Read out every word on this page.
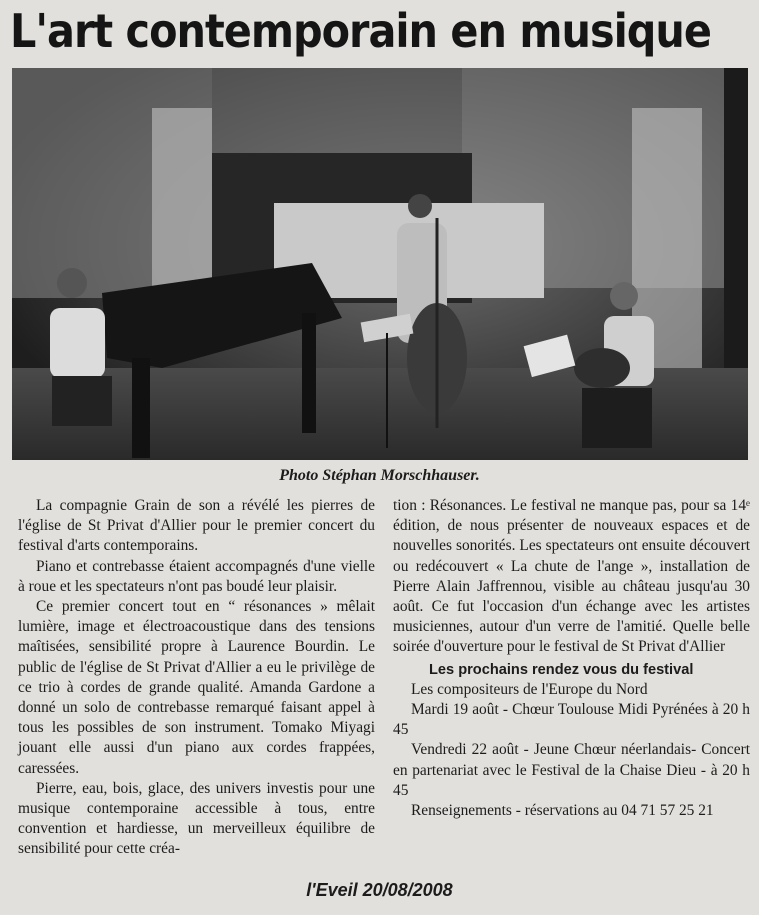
L'art contemporain en musique
Photo Stéphan Morschhauser.

La compagnie Grain de son a révélé les pierres de l'église de St Privat d'Allier pour le premier concert du festival d'arts contemporains.

Piano et contrebasse étaient accompagnés d'une vielle à roue et les spectateurs n'ont pas boudé leur plaisir.

Ce premier concert tout en “ résonances » mêlait lumière, image et électroacoustique dans des tensions maîtisées, sensibilité propre à Laurence Bourdin. Le public de l'église de St Privat d'Allier a eu le privilège de ce trio à cordes de grande qualité. Amanda Gardone a donné un solo de contrebasse remarqué faisant appel à tous les possibles de son instrument. Tomako Miyagi jouant elle aussi d'un piano aux cordes frappées, caressées.

Pierre, eau, bois, glace, des univers investis pour une musique contemporaine accessible à tous, entre convention et hardiesse, un merveilleux équilibre de sensibilité pour cette créa-

tion : Résonances. Le festival ne manque pas, pour sa 14ᵉ édition, de nous présenter de nouveaux espaces et de nouvelles sonorités. Les spectateurs ont ensuite découvert ou redécouvert « La chute de l'ange », installation de Pierre Alain Jaffrennou, visible au château jusqu'au 30 août. Ce fut l'occasion d'un échange avec les artistes musiciennes, autour d'un verre de l'amitié. Quelle belle soirée d'ouverture pour le festival de St Privat d'Allier

Les prochains rendez vous du festival

Les compositeurs de l'Europe du Nord

Mardi 19 août - Chœur Toulouse Midi Pyrénées à 20 h 45

Vendredi 22 août - Jeune Chœur néerlandais- Concert en partenariat avec le Festival de la Chaise Dieu - à 20 h 45

Renseignements - réservations au 04 71 57 25 21

l'Eveil 20/08/2008
